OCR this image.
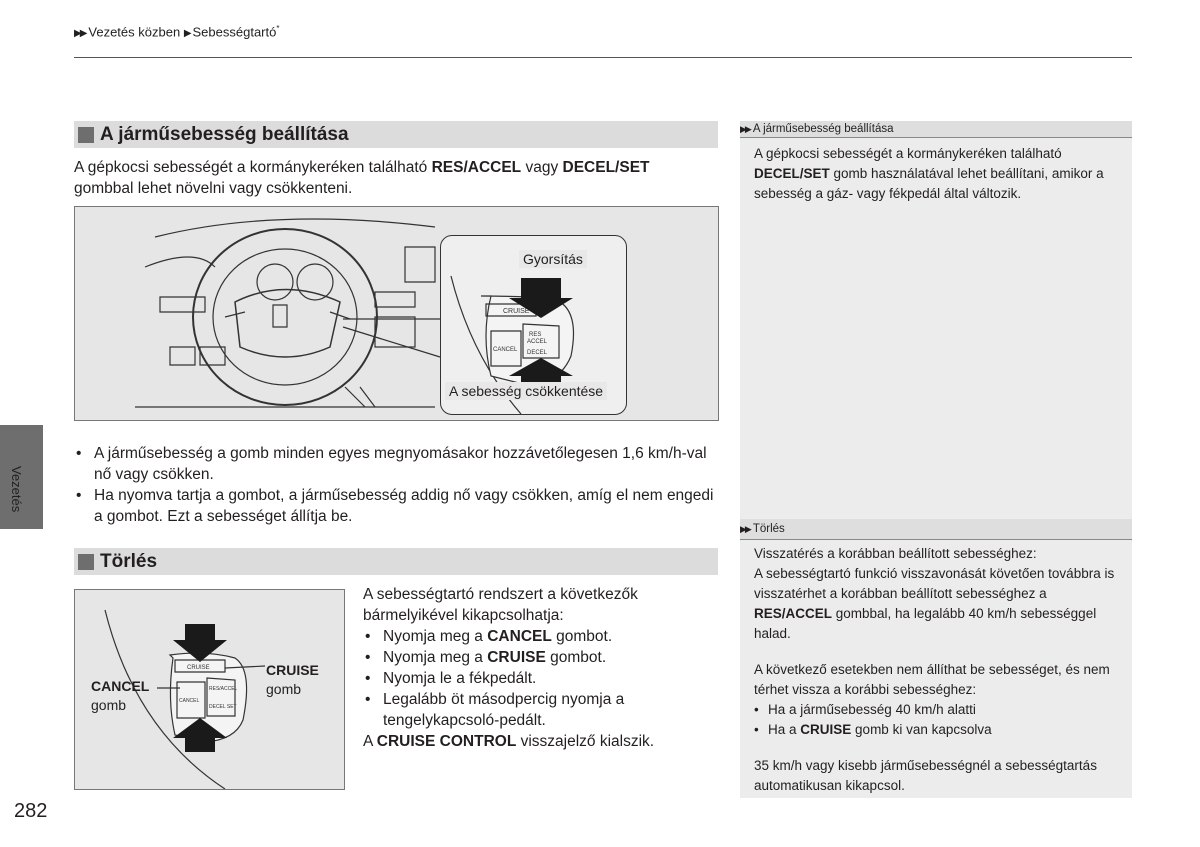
▶▶ Vezetés közben ▶ Sebességtartó*
A járműsebesség beállítása
A gépkocsi sebességét a kormánykeréken található RES/ACCEL vagy DECEL/SET
gombbal lehet növelni vagy csökkenteni.
CRUISE
CANCEL
RES
ACCEL
DECEL
Gyorsítás
A sebesség csökkentése
• A járműsebesség a gomb minden egyes megnyomásakor hozzávetőlegesen 1,6 km/h-val nő vagy csökken.
• Ha nyomva tartja a gombot, a járműsebesség addig nő vagy csökken, amíg el nem engedi a gombot. Ezt a sebességet állítja be.
Törlés
CRUISE
CANCEL
RES/ACCEL
DECEL SET
CANCEL
gomb
CRUISE
gomb
A sebességtartó rendszert a következők bármelyikével kikapcsolhatja:
• Nyomja meg a CANCEL gombot.
• Nyomja meg a CRUISE gombot.
• Nyomja le a fékpedált.
• Legalább öt másodpercig nyomja a tengelykapcsoló-pedált.
A CRUISE CONTROL visszajelző kialszik.
▶▶ A járműsebesség beállítása
A gépkocsi sebességét a kormánykeréken található
DECEL/SET gomb használatával lehet beállítani, amikor a sebesség a gáz- vagy fékpedál által változik.
▶▶ Törlés
Visszatérés a korábban beállított sebességhez:
A sebességtartó funkció visszavonását követően továbbra is visszatérhet a korábban beállított sebességhez a RES/ACCEL gombbal, ha legalább 40 km/h sebességgel halad.
A következő esetekben nem állíthat be sebességet, és nem térhet vissza a korábbi sebességhez:
• Ha a járműsebesség 40 km/h alatti
• Ha a CRUISE gomb ki van kapcsolva
35 km/h vagy kisebb járműsebességnél a sebességtartás automatikusan kikapcsol.
Vezetés
282
